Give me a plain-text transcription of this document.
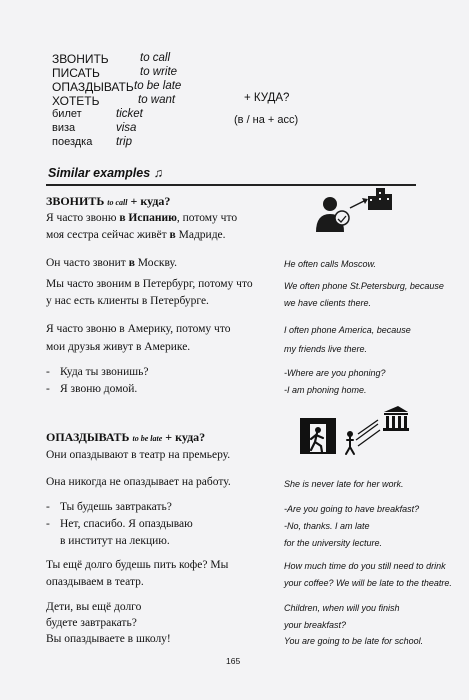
ЗВОНИТЬ	to call
ПИСАТЬ	to write
ОПАЗДЫВАТЬ to be late
ХОТЕТЬ	to want
билет	ticket
виза	visa
поездка trip
+ КУДА?
(в / на + acc)
Similar examples ♫
ЗВОНИТЬ to call + куда?
Я часто звоню в Испанию, потому что
моя сестра сейчас живёт в Мадриде.
Он часто звонит в Москву.	He often calls Moscow.
Мы часто звоним в Петербург, потому что
у нас есть клиенты в Петербурге.
We often phone St.Petersburg, because
we have clients there.
Я часто звоню в Америку, потому что
мои друзья живут в Америке.
I often phone America, because
my friends live there.
- Куда ты звонишь?	-Where are you phoning?
- Я звоню домой.	-I am phoning home.
ОПАЗДЫВАТЬ to be late + куда?
Они опаздывают в театр на премьеру.
Она никогда не опаздывает на работу.	She is never late for her work.
- Ты будешь завтракать?	-Are you going to have breakfast?
- Нет, спасибо. Я опаздываю	-No, thanks. I am late
в институт на лекцию.	for the university lecture.
Ты ещё долго будешь пить кофе? Мы
опаздываем в театр.
How much time do you still need to drink
your coffee? We will be late to the theatre.
Дети, вы ещё долго
будете завтракать?
Вы опаздываете в школу!
Children, when will you finish
your breakfast?
You are going to be late for school.
165
